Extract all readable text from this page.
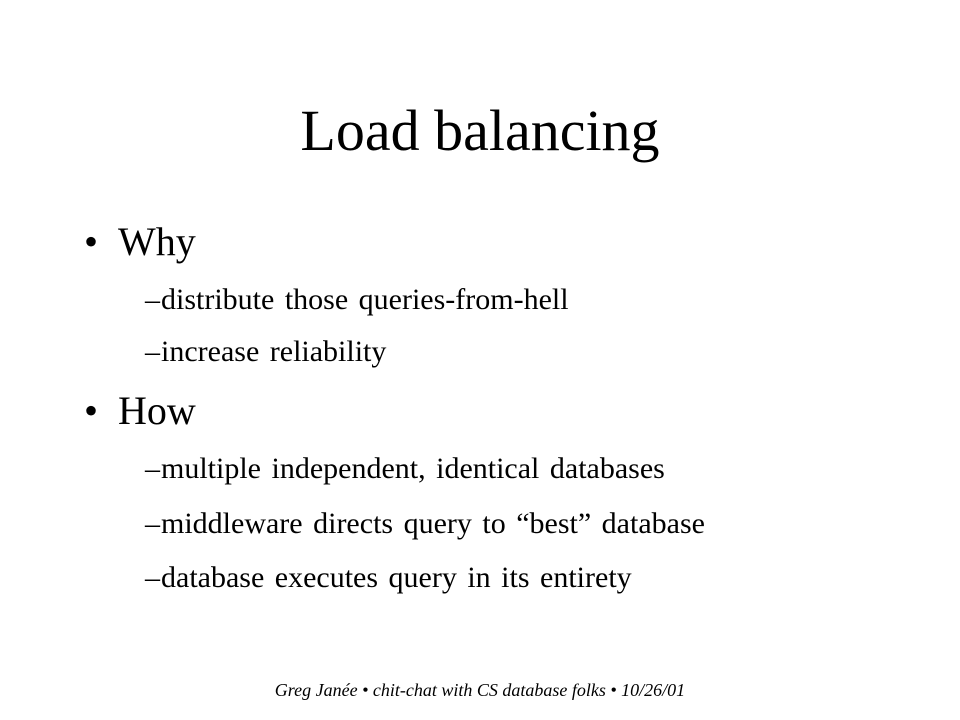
Load balancing
• Why
–distribute those queries-from-hell
–increase reliability
• How
–multiple independent, identical databases
–middleware directs query to “best” database
–database executes query in its entirety
Greg Janée • chit-chat with CS database folks • 10/26/01
